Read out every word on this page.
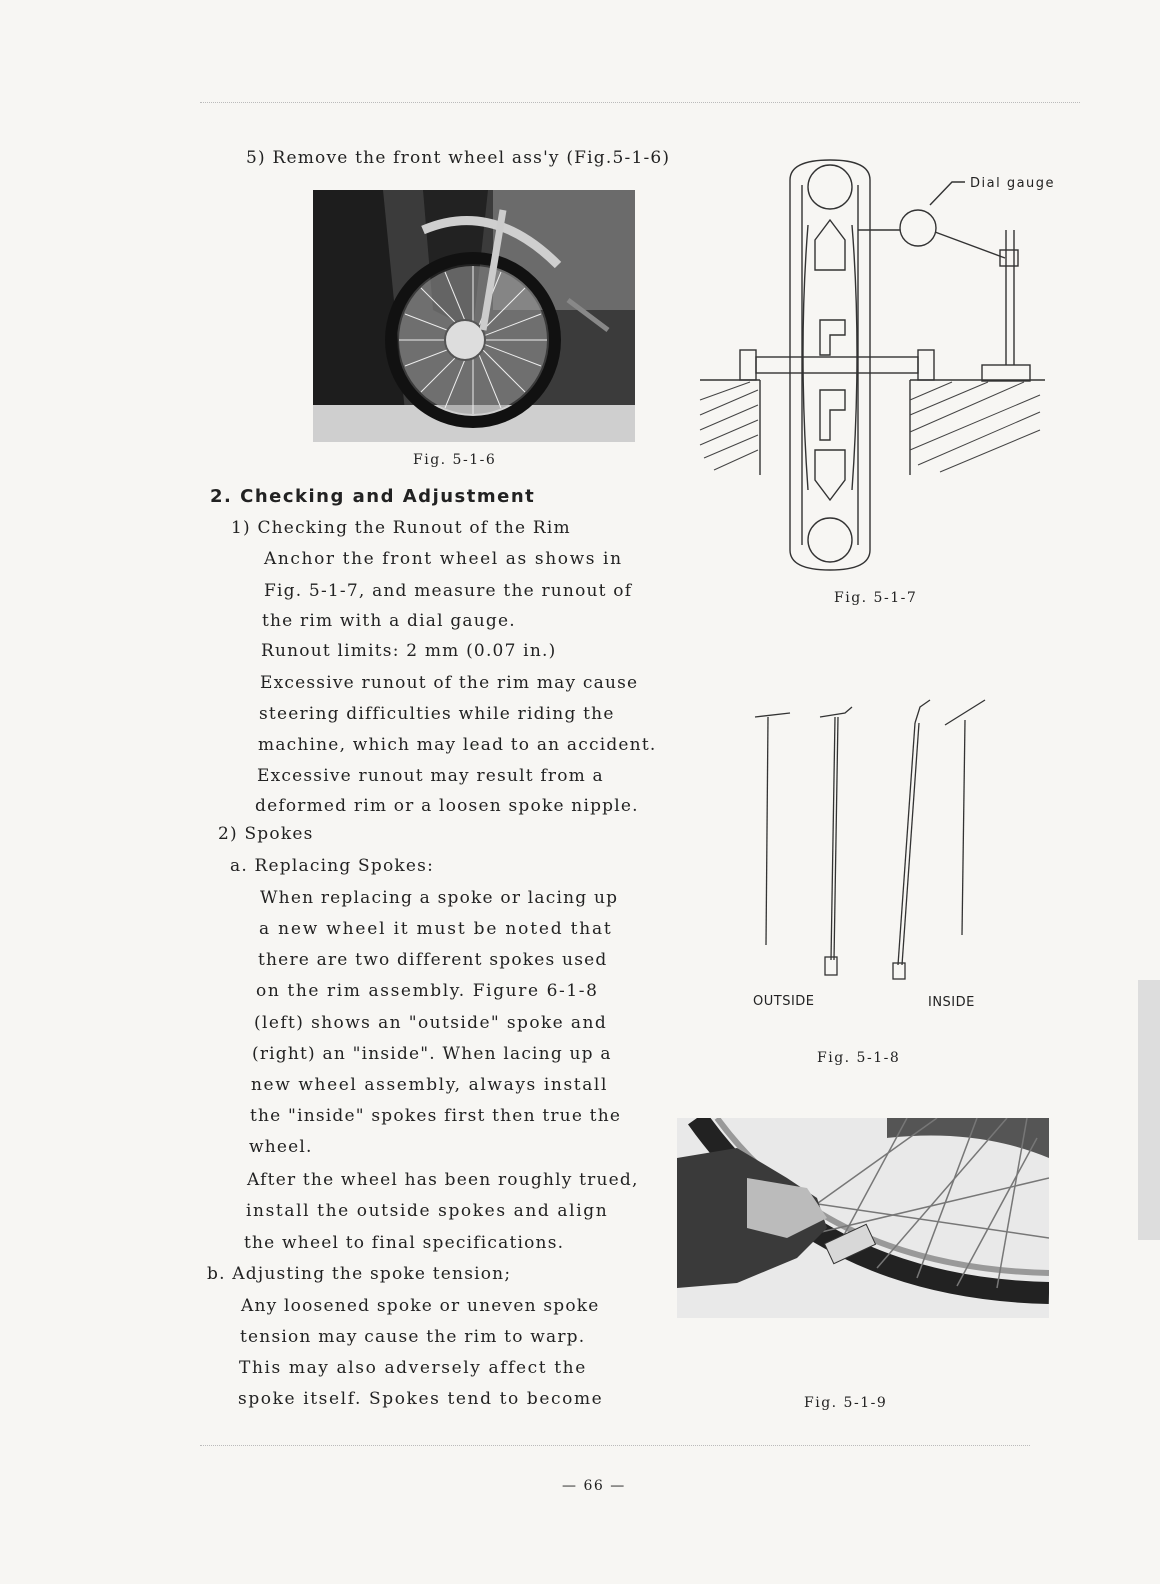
5) Remove the front wheel ass'y (Fig.5-1-6)
Fig. 5-1-6
2. Checking and Adjustment
1) Checking the Runout of the Rim
Anchor the front wheel as shows in
Fig. 5-1-7, and measure the runout of
the rim with a dial gauge.
Runout limits: 2 mm (0.07 in.)
Excessive runout of the rim may cause
steering difficulties while riding the
machine, which may lead to an accident.
Excessive runout may result from a
deformed rim or a loosen spoke nipple.
2) Spokes
a. Replacing Spokes:
When replacing a spoke or lacing up
a new wheel it must be noted that
there are two different spokes used
on the rim assembly. Figure 6-1-8
(left) shows an "outside" spoke and
(right) an "inside". When lacing up a
new wheel assembly, always install
the "inside" spokes first then true the
wheel.
After the wheel has been roughly trued,
install the outside spokes and align
the wheel to final specifications.
b. Adjusting the spoke tension;
Any loosened spoke or uneven spoke
tension may cause the rim to warp.
This may also adversely affect the
spoke itself. Spokes tend to become
Dial gauge
Fig. 5-1-7
OUTSIDE	INSIDE
Fig. 5-1-8
Fig. 5-1-9
— 66 —
